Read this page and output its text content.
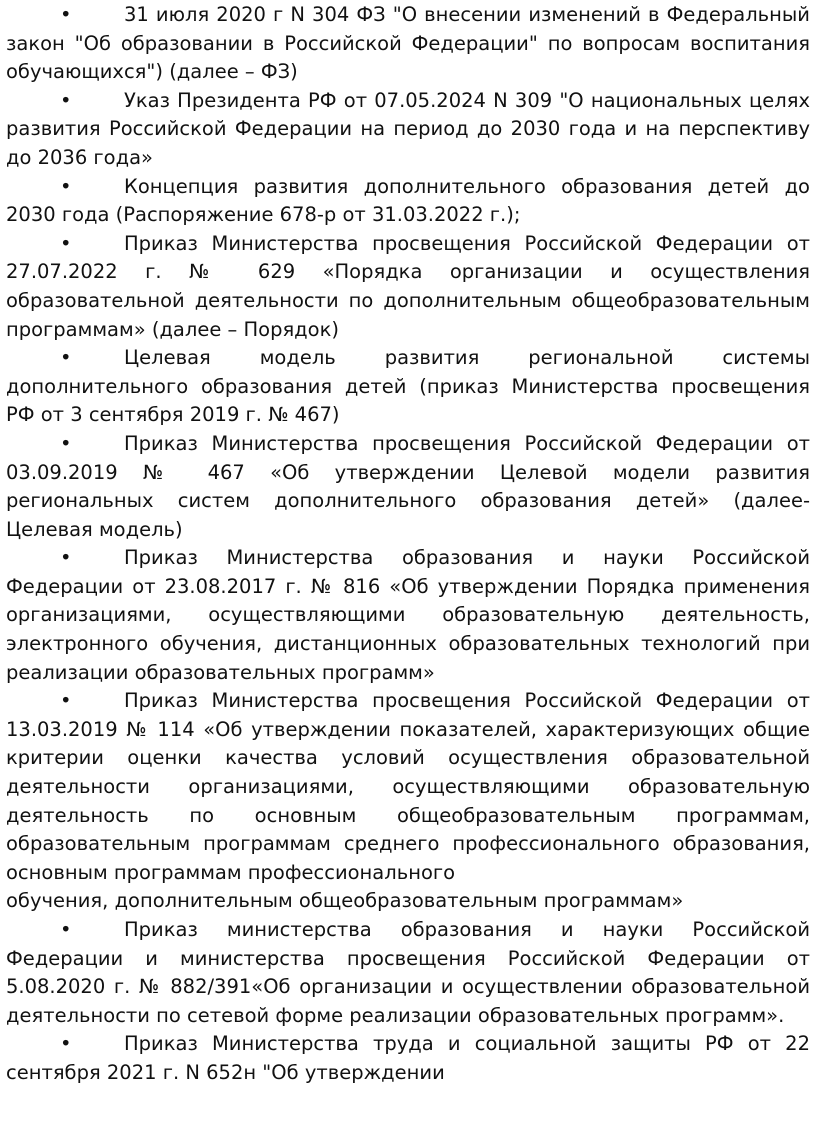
•	31 июля 2020 г N 304 ФЗ "О внесении изменений в Федеральный закон "Об образовании в Российской Федерации" по вопросам воспитания обучающихся") (далее – ФЗ)

•	Указ Президента РФ от 07.05.2024 N 309 "О национальных целях развития Российской Федерации на период до 2030 года и на перспективу до 2036 года»

•	Концепция развития дополнительного образования детей до 2030 года (Распоряжение 678-р от 31.03.2022 г.);

•	Приказ Министерства просвещения Российской Федерации от 27.07.2022 г. № 629 «Порядка организации и осуществления образовательной деятельности по дополнительным общеобразовательным программам» (далее – Порядок)

•	Целевая модель развития региональной системы дополнительного образования детей (приказ Министерства просвещения РФ от 3 сентября 2019 г. № 467)

•	Приказ Министерства просвещения Российской Федерации от 03.09.2019 № 467 «Об утверждении Целевой модели развития региональных систем дополнительного образования детей» (далее- Целевая модель)

•	Приказ Министерства образования и науки Российской Федерации от 23.08.2017 г. № 816 «Об утверждении Порядка применения организациями, осуществляющими образовательную деятельность, электронного обучения, дистанционных образовательных технологий при реализации образовательных программ»

•	Приказ Министерства просвещения Российской Федерации от 13.03.2019 № 114 «Об утверждении показателей, характеризующих общие критерии оценки качества условий осуществления образовательной деятельности организациями, осуществляющими образовательную деятельность по основным общеобразовательным программам, образовательным программам среднего профессионального образования, основным программам профессионального
обучения, дополнительным общеобразовательным программам»

•	Приказ министерства образования и науки Российской Федерации и министерства просвещения Российской Федерации от 5.08.2020 г. № 882/391«Об организации и осуществлении образовательной деятельности по сетевой форме реализации образовательных программ».

•	Приказ Министерства труда и социальной защиты РФ от 22 сентября 2021 г. N 652н "Об утверждении
